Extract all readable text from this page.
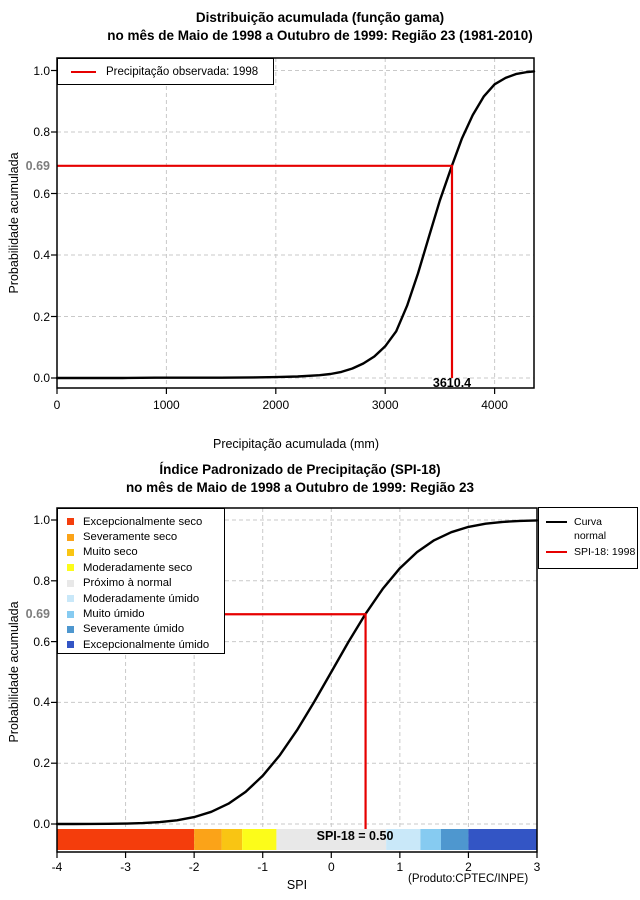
Distribuição acumulada (função gama)
no mês de Maio de 1998 a Outubro de 1999: Região 23 (1981-2010)
Precipitação acumulada (mm)
Probabilidade acumulada 0.69
3610.4
Precipitação observada: 1998
Índice Padronizado de Precipitação (SPI-18)
no mês de Maio de 1998 a Outubro de 1999: Região 23
SPI
Probabilidade acumulada 0.69
SPI-18 = 0.50
(Produto:CPTEC/INPE)
Excepcionalmente seco
Severamente seco
Muito seco
Moderadamente seco
Próximo à normal
Moderadamente úmido
Muito úmido
Severamente úmido
Excepcionalmente úmido
Curva normal
SPI-18: 1998
0.0
0.2
0.4
0.6
0.8
1.0
0	1000	2000	3000	4000
0.0
0.2
0.4
0.6
0.8
1.0
-4	-3	-2	-1	0	1	2	3
